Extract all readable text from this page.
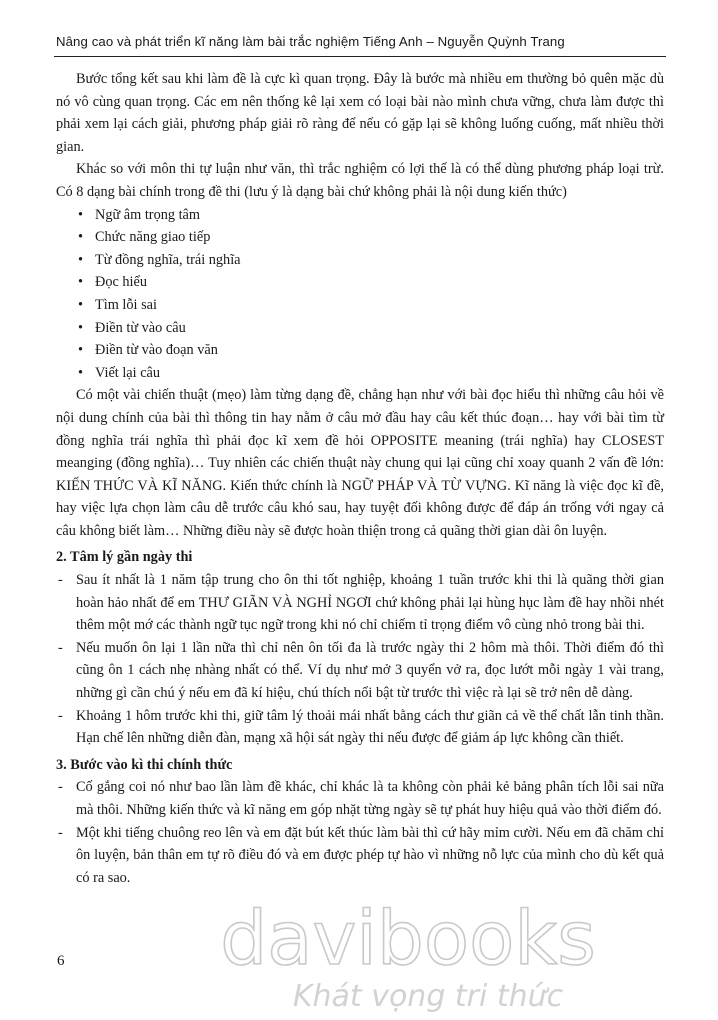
Nâng cao và phát triển kĩ năng làm bài trắc nghiệm Tiếng Anh – Nguyễn Quỳnh Trang

Bước tổng kết sau khi làm đề là cực kì quan trọng. Đây là bước mà nhiều em thường bỏ quên mặc dù nó vô cùng quan trọng. Các em nên thống kê lại xem có loại bài nào mình chưa vững, chưa làm được thì phải xem lại cách giải, phương pháp giải rõ ràng để nếu có gặp lại sẽ không luống cuống, mất nhiều thời gian.

Khác so với môn thi tự luận như văn, thì trắc nghiệm có lợi thế là có thể dùng phương pháp loại trừ. Có 8 dạng bài chính trong đề thi (lưu ý là dạng bài chứ không phải là nội dung kiến thức)

• Ngữ âm trọng tâm
• Chức năng giao tiếp
• Từ đồng nghĩa, trái nghĩa
• Đọc hiểu
• Tìm lỗi sai
• Điền từ vào câu
• Điền từ vào đoạn văn
• Viết lại câu

Có một vài chiến thuật (mẹo) làm từng dạng đề, chẳng hạn như với bài đọc hiểu thì những câu hỏi về nội dung chính của bài thì thông tin hay nằm ở câu mở đầu hay câu kết thúc đoạn… hay với bài tìm từ đồng nghĩa trái nghĩa thì phải đọc kĩ xem đề hỏi OPPOSITE meaning (trái nghĩa) hay CLOSEST meanging (đồng nghĩa)… Tuy nhiên các chiến thuật này chung qui lại cũng chỉ xoay quanh 2 vấn đề lớn: KIẾN THỨC VÀ KĨ NĂNG. Kiến thức chính là NGỮ PHÁP VÀ TỪ VỰNG. Kĩ năng là việc đọc kĩ đề, hay việc lựa chọn làm câu dễ trước câu khó sau, hay tuyệt đối không được để đáp án trống với ngay cả câu không biết làm… Những điều này sẽ được hoàn thiện trong cả quãng thời gian dài ôn luyện.

2. Tâm lý gần ngày thi

- Sau ít nhất là 1 năm tập trung cho ôn thi tốt nghiệp, khoảng 1 tuần trước khi thi là quãng thời gian hoàn hảo nhất để em THƯ GIÃN VÀ NGHỈ NGƠI chứ không phải lại hùng hục làm đề hay nhồi nhét thêm một mớ các thành ngữ tục ngữ trong khi nó chỉ chiếm tỉ trọng điểm vô cùng nhỏ trong bài thi.
- Nếu muốn ôn lại 1 lần nữa thì chỉ nên ôn tối đa là trước ngày thi 2 hôm mà thôi. Thời điểm đó thì cũng ôn 1 cách nhẹ nhàng nhất có thể. Ví dụ như mở 3 quyển vở ra, đọc lướt mỗi ngày 1 vài trang, những gì cần chú ý nếu em đã kí hiệu, chú thích nổi bật từ trước thì việc rà lại sẽ trở nên dễ dàng.
- Khoảng 1 hôm trước khi thi, giữ tâm lý thoải mái nhất bằng cách thư giãn cả về thể chất lẫn tinh thần. Hạn chế lên những diễn đàn, mạng xã hội sát ngày thi nếu được để giảm áp lực không cần thiết.

3. Bước vào kì thi chính thức

- Cố gắng coi nó như bao lần làm đề khác, chỉ khác là ta không còn phải kẻ bảng phân tích lỗi sai nữa mà thôi. Những kiến thức và kĩ năng em góp nhặt từng ngày sẽ tự phát huy hiệu quả vào thời điểm đó.
- Một khi tiếng chuông reo lên và em đặt bút kết thúc làm bài thì cứ hãy mỉm cười. Nếu em đã chăm chỉ ôn luyện, bản thân em tự rõ điều đó và em được phép tự hào vì những nỗ lực của mình cho dù kết quả có ra sao.
6 davibooks
Khát vọng tri thức
